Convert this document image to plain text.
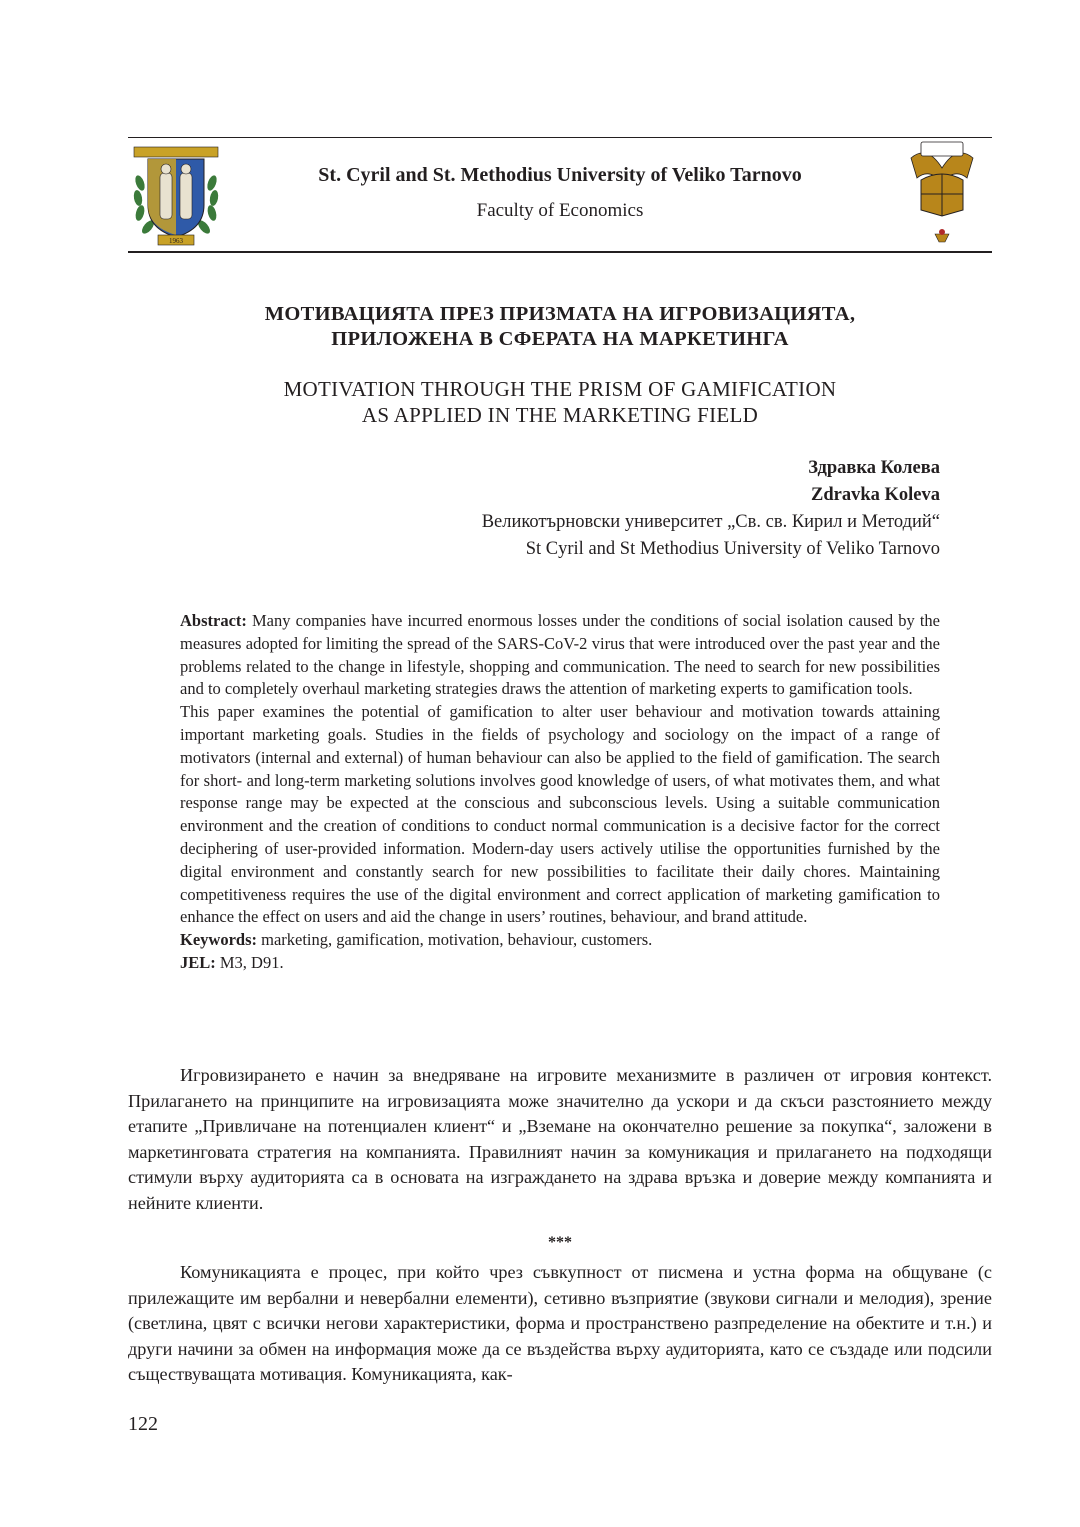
1963
St. Cyril and St. Methodius University of Veliko Tarnovo
Faculty of Economics
МОТИВАЦИЯТА ПРЕЗ ПРИЗМАТА НА ИГРОВИЗАЦИЯТА,
ПРИЛОЖЕНА В СФЕРАТА НА МАРКЕТИНГА
MOTIVATION THROUGH THE PRISM OF GAMIFICATION
AS APPLIED IN THE MARKETING FIELD
Здравка Колева
Zdravka Koleva
Великотърновски университет „Св. св. Кирил и Методий“
St Cyril and St Methodius University of Veliko Tarnovo

Abstract: Many companies have incurred enormous losses under the conditions of social isolation caused by the measures adopted for limiting the spread of the SARS-CoV-2 virus that were introduced over the past year and the problems related to the change in lifestyle, shopping and communication. The need to search for new possibilities and to completely overhaul marketing strategies draws the attention of marketing experts to gamification tools.

This paper examines the potential of gamification to alter user behaviour and motivation towards attaining important marketing goals. Studies in the fields of psychology and sociology on the impact of a range of motivators (internal and external) of human behaviour can also be applied to the field of gamification. The search for short- and long-term marketing solutions involves good knowledge of users, of what motivates them, and what response range may be expected at the conscious and subconscious levels. Using a suitable communication environment and the creation of conditions to conduct normal communication is a decisive factor for the correct deciphering of user-provided information. Modern-day users actively utilise the opportunities furnished by the digital environment and constantly search for new possibilities to facilitate their daily chores. Maintaining competitiveness requires the use of the digital environment and correct application of marketing gamification to enhance the effect on users and aid the change in users’ routines, behaviour, and brand attitude.

Keywords: marketing, gamification, motivation, behaviour, customers.

JEL: M3, D91.

Игровизирането е начин за внедряване на игровите механизмите в различен от игровия контекст. Прилагането на принципите на игровизацията може значително да ускори и да скъси разстоянието между етапите „Привличане на потенциален клиент“ и „Вземане на окончателно решение за покупка“, заложени в маркетинговата стратегия на компанията. Правилният начин за комуникация и прилагането на подходящи стимули върху аудиторията са в основата на изграждането на здрава връзка и доверие между компанията и нейните клиенти.

***

Комуникацията е процес, при който чрез съвкупност от писмена и устна форма на общуване (с прилежащите им вербални и невербални елементи), сетивно възприятие (звукови сигнали и мелодия), зрение (светлина, цвят с всички негови характеристики, форма и пространствено разпределение на обектите и т.н.) и други начини за обмен на информация може да се въздейства върху аудиторията, като се създаде или подсили съществуващата мотивация. Комуникацията, как-

122
